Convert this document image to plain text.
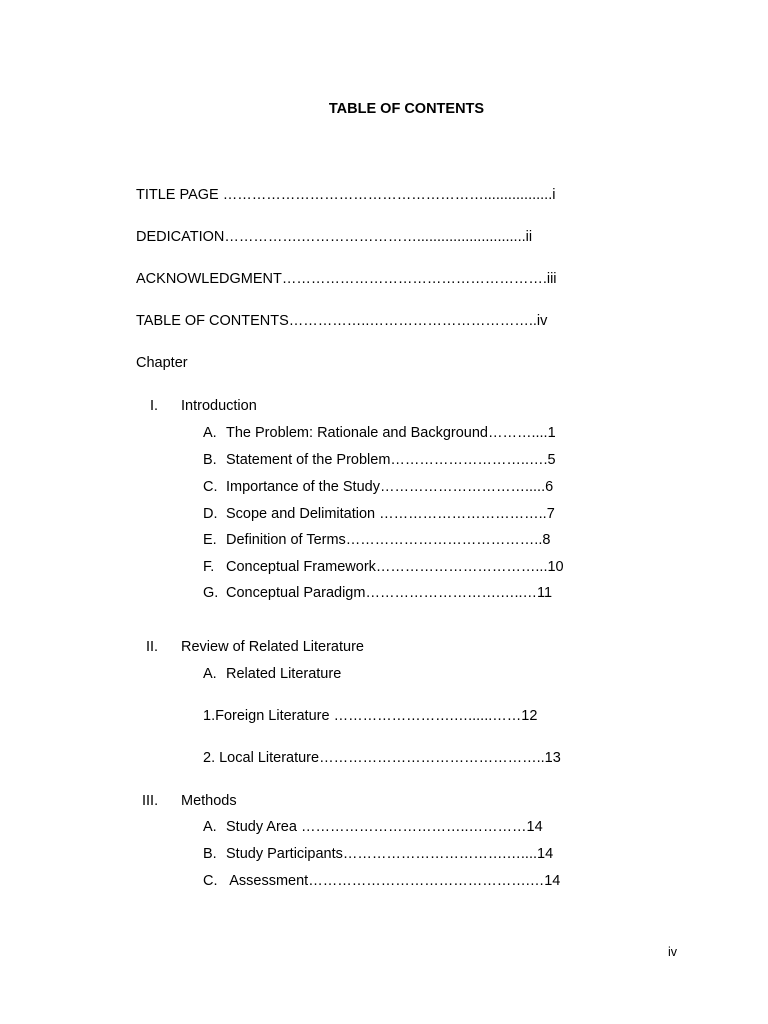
TABLE OF CONTENTS
TITLE PAGE ……………………………………………….................i
DEDICATION…………….……………………...........................ii
ACKNOWLEDGMENT……………………………………………….iii
TABLE OF CONTENTS……………..……………………………..iv
Chapter
I. Introduction
A. The Problem: Rationale and Background………....1
B. Statement of the Problem………………………..….5
C. Importance of the Study………………………….....6
D. Scope and Delimitation ……………………………..7
E. Definition of Terms…………………………………..8
F. Conceptual Framework……………………………...10
G. Conceptual Paradigm……………………….…..…11
II. Review of Related Literature
A. Related Literature
1.Foreign Literature …………………….…......……12
2. Local Literature………………………………………..13
III. Methods
A. Study Area ……………………………..…………14
B. Study Participants…………………………….…....14
C. Assessment……………………………………….…14
iv
